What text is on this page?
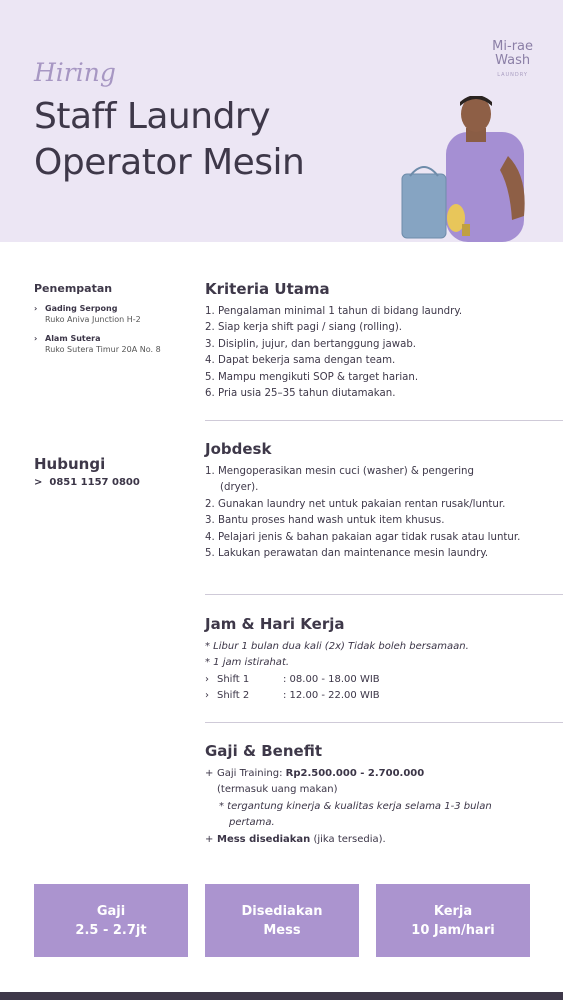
Hiring
Staff Laundry
Operator Mesin
Mi-rae
Wash
LAUNDRY
Penempatan
› Gading Serpong
Ruko Aniva Junction H-2
› Alam Sutera
Ruko Sutera Timur 20A No. 8
Hubungi
> 0851 1157 0800
Kriteria Utama
1. Pengalaman minimal 1 tahun di bidang laundry.
2. Siap kerja shift pagi / siang (rolling).
3. Disiplin, jujur, dan bertanggung jawab.
4. Dapat bekerja sama dengan team.
5. Mampu mengikuti SOP & target harian.
6. Pria usia 25–35 tahun diutamakan.
Jobdesk
1. Mengoperasikan mesin cuci (washer) & pengering
(dryer).
2. Gunakan laundry net untuk pakaian rentan rusak/luntur.
3. Bantu proses hand wash untuk item khusus.
4. Pelajari jenis & bahan pakaian agar tidak rusak atau luntur.
5. Lakukan perawatan dan maintenance mesin laundry.
Jam & Hari Kerja
* Libur 1 bulan dua kali (2x) Tidak boleh bersamaan.
* 1 jam istirahat.
› Shift 1	: 08.00 - 18.00 WIB
› Shift 2	: 12.00 - 22.00 WIB
Gaji & Benefit
+ Gaji Training: Rp2.500.000 - 2.700.000
(termasuk uang makan)
* tergantung kinerja & kualitas kerja selama 1-3 bulan
pertama.
+ Mess disediakan (jika tersedia).
Gaji
2.5 - 2.7jt
Disediakan
Mess
Kerja
10 Jam/hari
